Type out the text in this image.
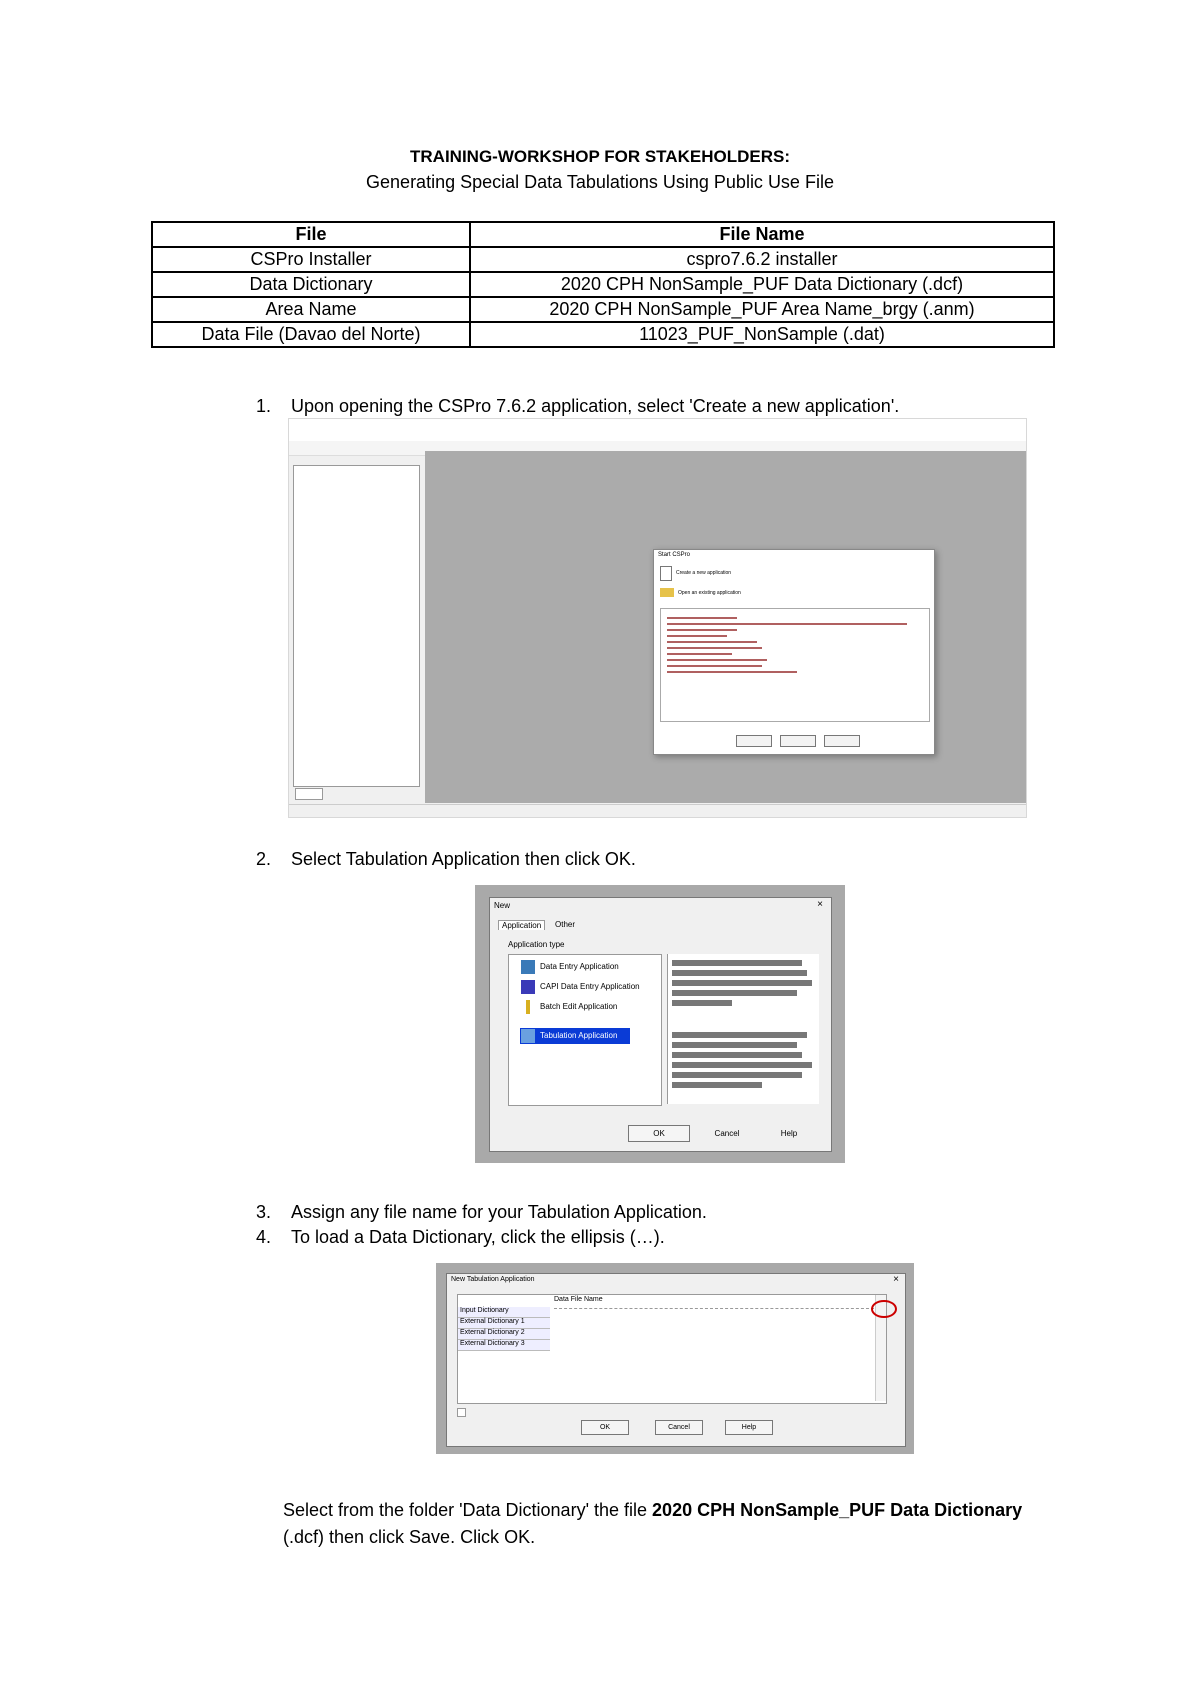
TRAINING-WORKSHOP FOR STAKEHOLDERS:
Generating Special Data Tabulations Using Public Use File
File	File Name
CSPro Installer	cspro7.6.2 installer
Data Dictionary	2020 CPH NonSample_PUF Data Dictionary (.dcf)
Area Name	2020 CPH NonSample_PUF Area Name_brgy (.anm)
Data File (Davao del Norte)	11023_PUF_NonSample (.dat)
1. Upon opening the CSPro 7.6.2 application, select 'Create a new application'.
Start CSPro
Create a new application
Open an existing application
2. Select Tabulation Application then click OK.
New	×
Application	Other
Application type
Data Entry Application
CAPI Data Entry Application
Batch Edit Application
Tabulation Application
OK	Cancel	Help
3. Assign any file name for your Tabulation Application.
4. To load a Data Dictionary, click the ellipsis (…).
New Tabulation Application	×
Data File Name
Input Dictionary
External Dictionary 1
External Dictionary 2
External Dictionary 3
OK	Cancel	Help
Select from the folder 'Data Dictionary' the file 2020 CPH NonSample_PUF Data Dictionary (.dcf) then click Save. Click OK.
